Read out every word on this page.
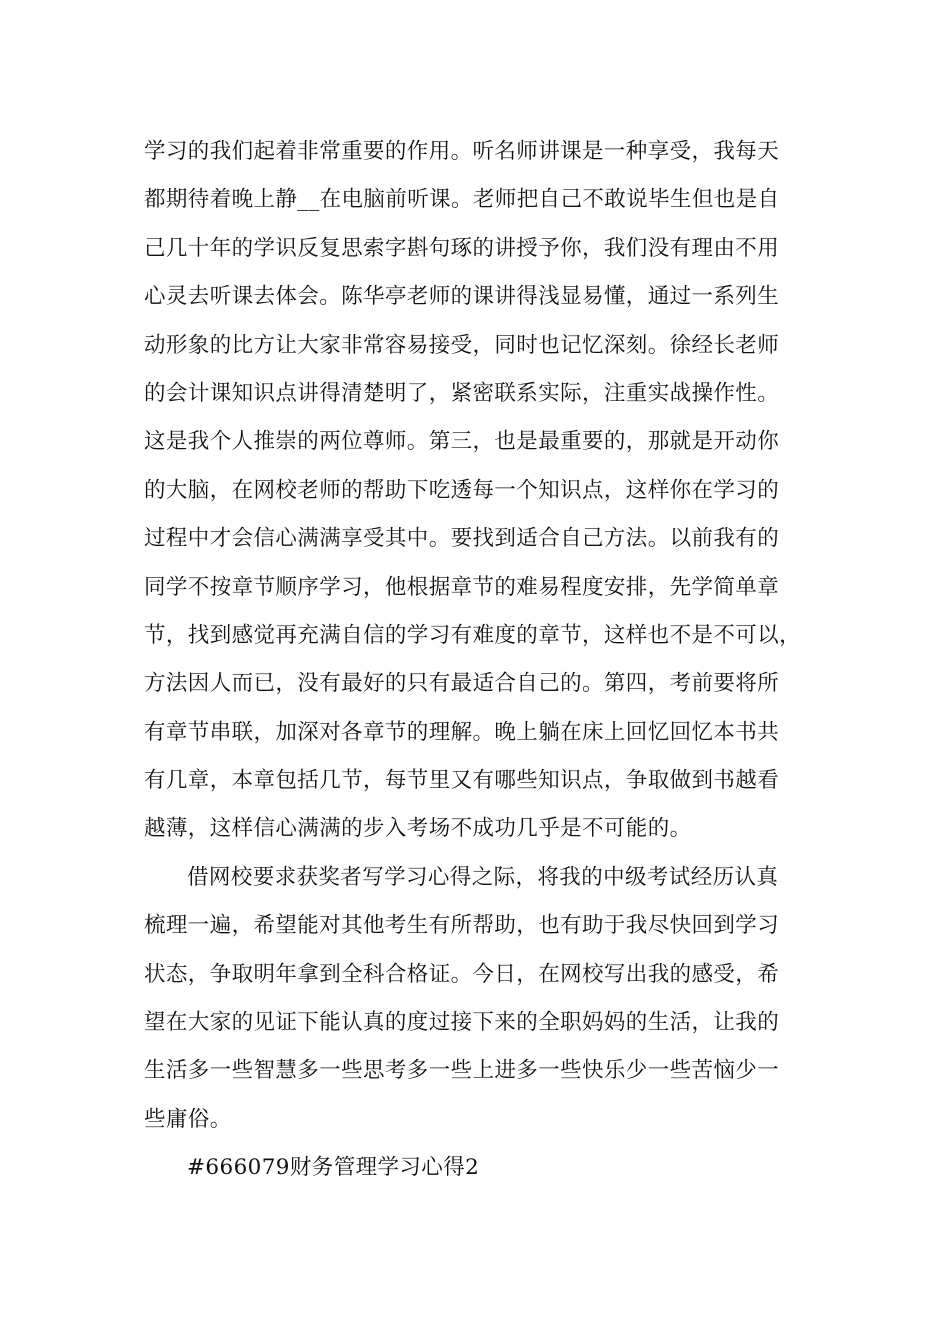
学习的我们起着非常重要的作用。听名师讲课是一种享受，我每天
都期待着晚上静__在电脑前听课。老师把自己不敢说毕生但也是自
己几十年的学识反复思索字斟句琢的讲授予你，我们没有理由不用
心灵去听课去体会。陈华亭老师的课讲得浅显易懂，通过一系列生
动形象的比方让大家非常容易接受，同时也记忆深刻。徐经长老师
的会计课知识点讲得清楚明了，紧密联系实际，注重实战操作性。
这是我个人推崇的两位尊师。第三，也是最重要的，那就是开动你
的大脑，在网校老师的帮助下吃透每一个知识点，这样你在学习的
过程中才会信心满满享受其中。要找到适合自己方法。以前我有的
同学不按章节顺序学习，他根据章节的难易程度安排，先学简单章
节，找到感觉再充满自信的学习有难度的章节，这样也不是不可以，
方法因人而已，没有最好的只有最适合自己的。第四，考前要将所
有章节串联，加深对各章节的理解。晚上躺在床上回忆回忆本书共
有几章，本章包括几节，每节里又有哪些知识点，争取做到书越看
越薄，这样信心满满的步入考场不成功几乎是不可能的。
借网校要求获奖者写学习心得之际，将我的中级考试经历认真
梳理一遍，希望能对其他考生有所帮助，也有助于我尽快回到学习
状态，争取明年拿到全科合格证。今日，在网校写出我的感受，希
望在大家的见证下能认真的度过接下来的全职妈妈的生活，让我的
生活多一些智慧多一些思考多一些上进多一些快乐少一些苦恼少一
些庸俗。
#666079财务管理学习心得2
